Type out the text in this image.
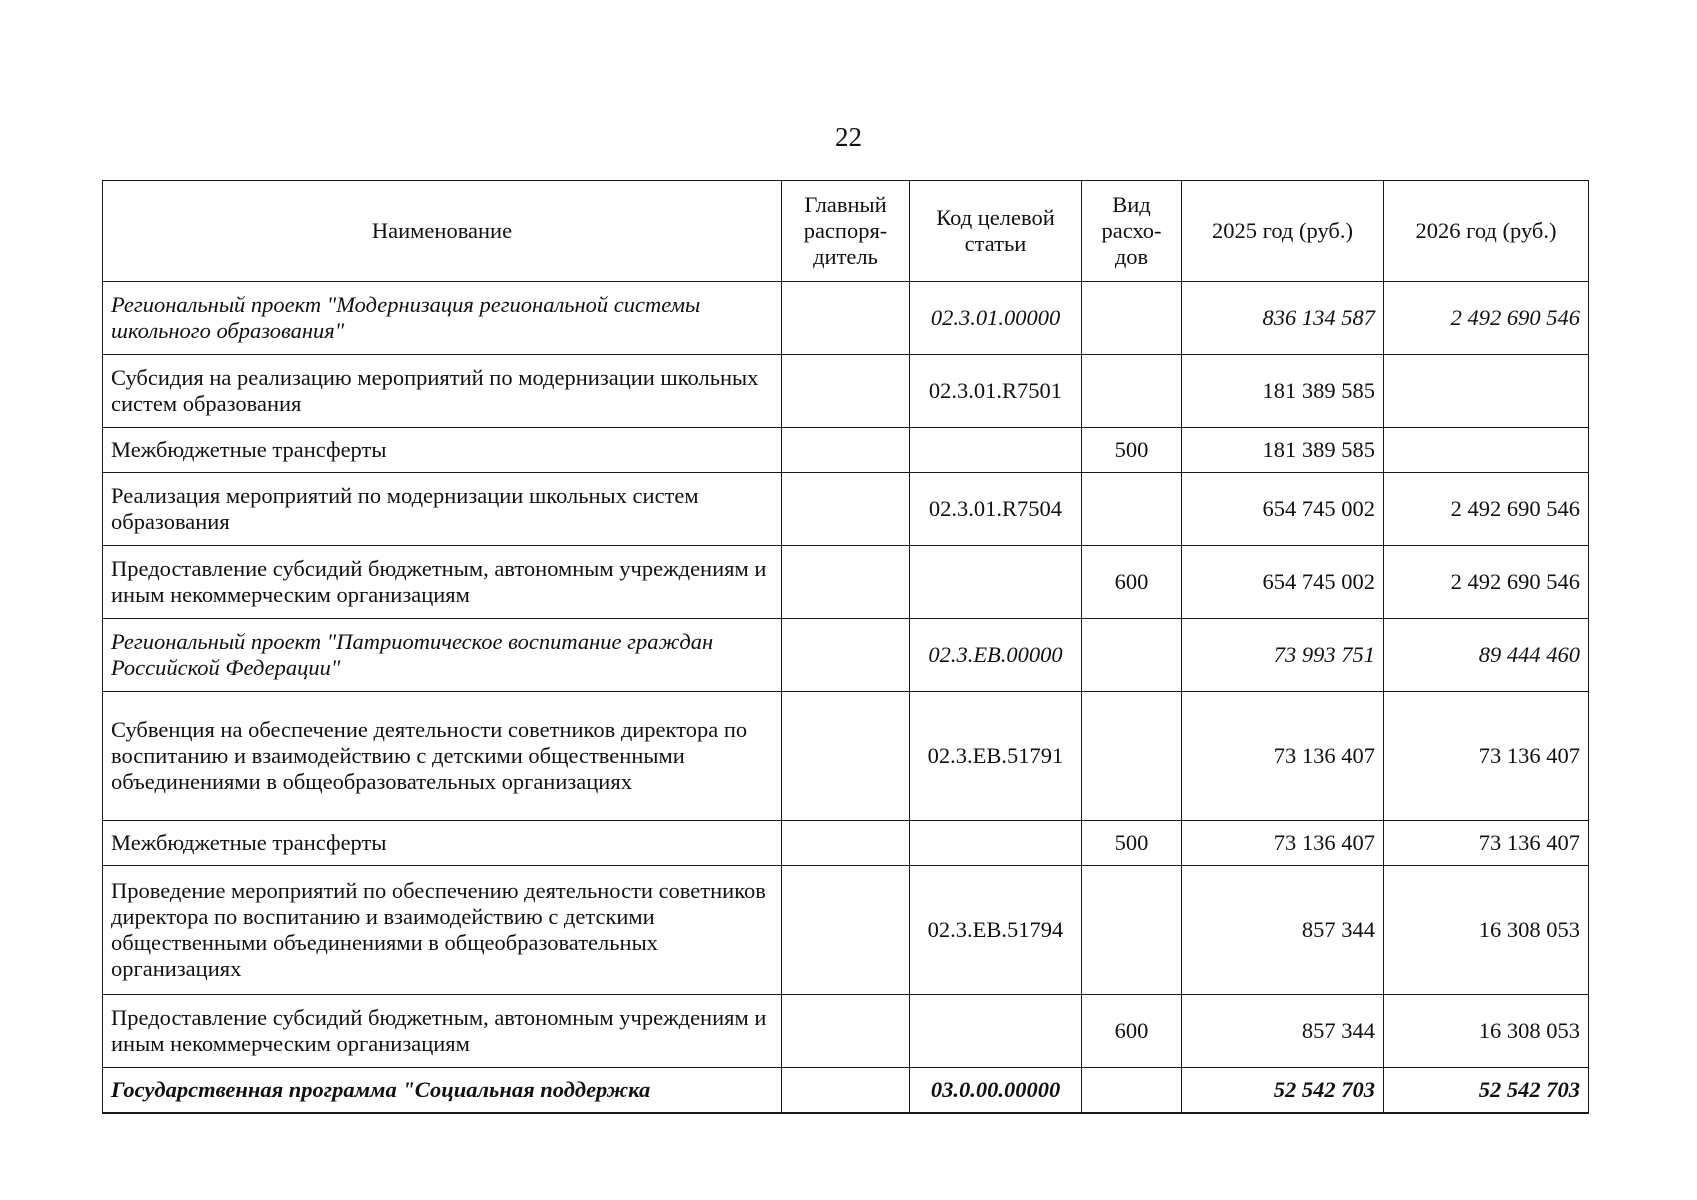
22
Наименование	Главный распоря-дитель	Код целевой статьи	Вид расхо-дов	2025 год (руб.)	2026 год (руб.)
Региональный проект "Модернизация региональной системы школьного образования"		02.3.01.00000		836 134 587	2 492 690 546
Субсидия на реализацию мероприятий по модернизации школьных систем образования		02.3.01.R7501		181 389 585	
Межбюджетные трансферты			500	181 389 585	
Реализация мероприятий по модернизации школьных систем образования		02.3.01.R7504		654 745 002	2 492 690 546
Предоставление субсидий бюджетным, автономным учреждениям и иным некоммерческим организациям			600	654 745 002	2 492 690 546
Региональный проект "Патриотическое воспитание граждан Российской Федерации"		02.3.ЕВ.00000		73 993 751	89 444 460
Субвенция на обеспечение деятельности советников директора по воспитанию и взаимодействию с детскими общественными объединениями в общеобразовательных организациях		02.3.ЕВ.51791		73 136 407	73 136 407
Межбюджетные трансферты			500	73 136 407	73 136 407
Проведение мероприятий по обеспечению деятельности советников директора по воспитанию и взаимодействию с детскими общественными объединениями в общеобразовательных организациях		02.3.ЕВ.51794		857 344	16 308 053
Предоставление субсидий бюджетным, автономным учреждениям и иным некоммерческим организациям			600	857 344	16 308 053
Государственная программа "Социальная поддержка		03.0.00.00000		52 542 703	52 542 703
